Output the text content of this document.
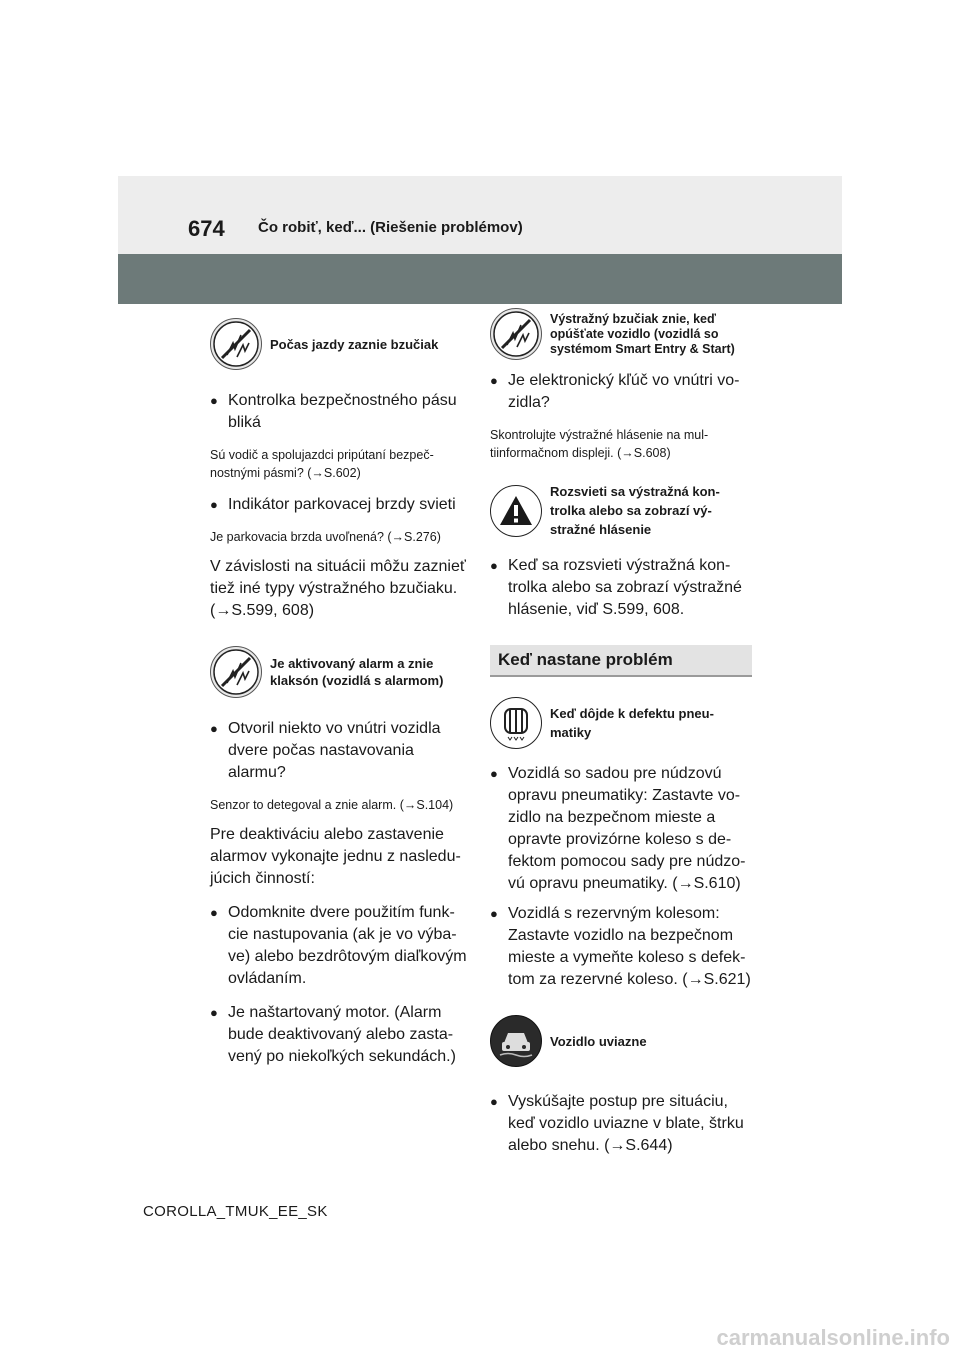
674 Čo robiť, keď... (Riešenie problémov)
Počas jazdy zaznie bzučiak
● Kontrolka bezpečnostného pásu bliká
Sú vodič a spolujazdci pripútaní bezpeč-nostnými pásmi? (→S.602)
● Indikátor parkovacej brzdy svieti
Je parkovacia brzda uvoľnená? (→S.276)
V závislosti na situácii môžu zaznieť tiež iné typy výstražného bzučiaku. (→S.599, 608)
Je aktivovaný alarm a znie klaksón (vozidlá s alarmom)
● Otvoril niekto vo vnútri vozidla dvere počas nastavovania alarmu?
Senzor to detegoval a znie alarm. (→S.104)
Pre deaktiváciu alebo zastavenie alarmov vykonajte jednu z nasledu-júcich činností:
● Odomknite dvere použitím funk-cie nastupovania (ak je vo výba-ve) alebo bezdrôtovým diaľkovým ovládaním.
● Je naštartovaný motor. (Alarm bude deaktivovaný alebo zasta-vený po niekoľkých sekundách.)
Výstražný bzučiak znie, keď opúšťate vozidlo (vozidlá so systémom Smart Entry & Start)
● Je elektronický kľúč vo vnútri vo-zidla?
Skontrolujte výstražné hlásenie na mul-tiinformačnom displeji. (→S.608)
Rozsvieti sa výstražná kon-trolka alebo sa zobrazí vý-stražné hlásenie
● Keď sa rozsvieti výstražná kon-trolka alebo sa zobrazí výstražné hlásenie, viď S.599, 608.
Keď nastane problém
Keď dôjde k defektu pneu-matiky
● Vozidlá so sadou pre núdzovú opravu pneumatiky: Zastavte vo-zidlo na bezpečnom mieste a opravte provizórne koleso s de-fektom pomocou sady pre núdzo-vú opravu pneumatiky. (→S.610)
● Vozidlá s rezervným kolesom: Zastavte vozidlo na bezpečnom mieste a vymeňte koleso s defek-tom za rezervné koleso. (→S.621)
Vozidlo uviazne
● Vyskúšajte postup pre situáciu, keď vozidlo uviazne v blate, štrku alebo snehu. (→S.644)
COROLLA_TMUK_EE_SK
carmanualsonline.info
